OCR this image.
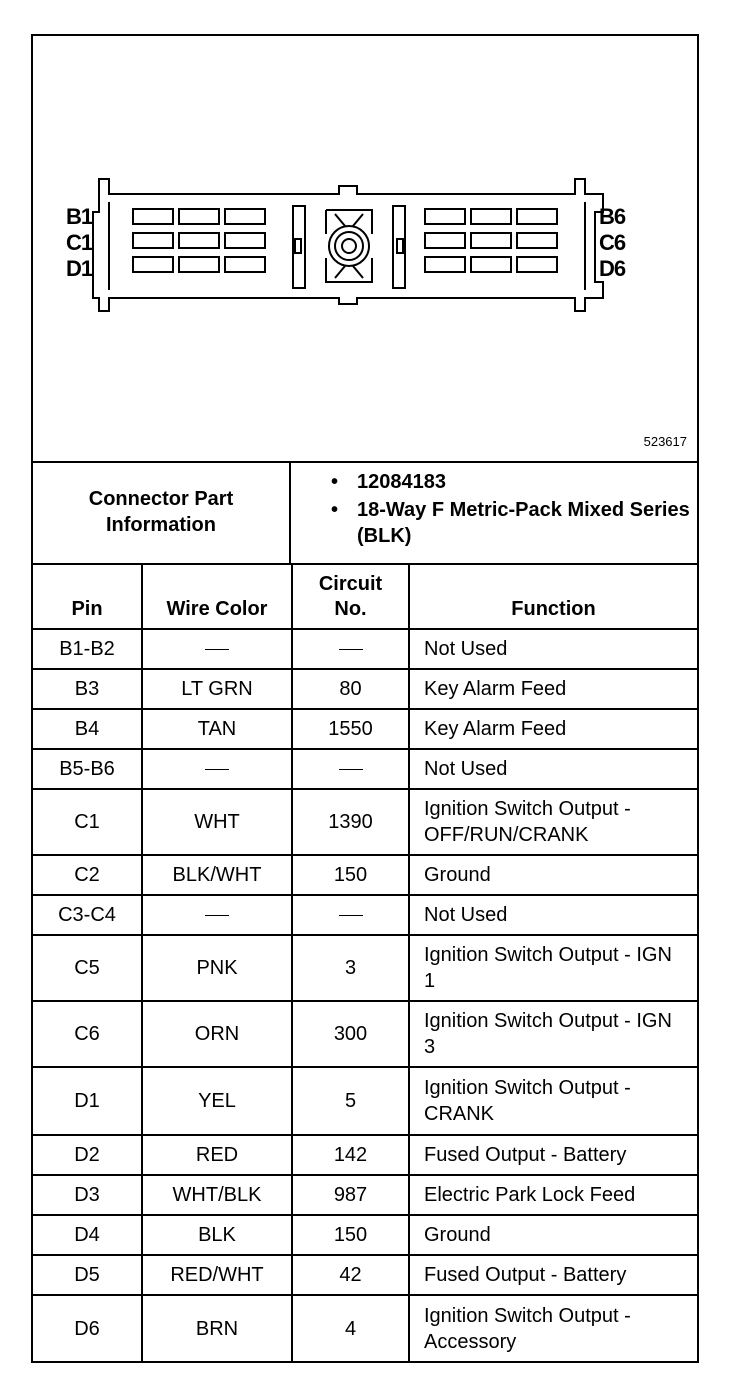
B1
C1
D1
B6
C6
D6
523617
Connector Part Information
• 12084183
• 18-Way F Metric-Pack Mixed Series (BLK)
Pin	Wire Color	Circuit No.	Function
B1-B2			Not Used

B3	LT GRN	80	Key Alarm Feed

B4	TAN	1550	Key Alarm Feed

B5-B6			Not Used

C1	WHT	1390	Ignition Switch Output - OFF/RUN/CRANK

C2	BLK/WHT	150	Ground

C3-C4			Not Used

C5	PNK	3	Ignition Switch Output - IGN 1

C6	ORN	300	Ignition Switch Output - IGN 3

D1	YEL	5	Ignition Switch Output - CRANK

D2	RED	142	Fused Output - Battery

D3	WHT/BLK	987	Electric Park Lock Feed

D4	BLK	150	Ground

D5	RED/WHT	42	Fused Output - Battery

D6	BRN	4	Ignition Switch Output - Accessory
